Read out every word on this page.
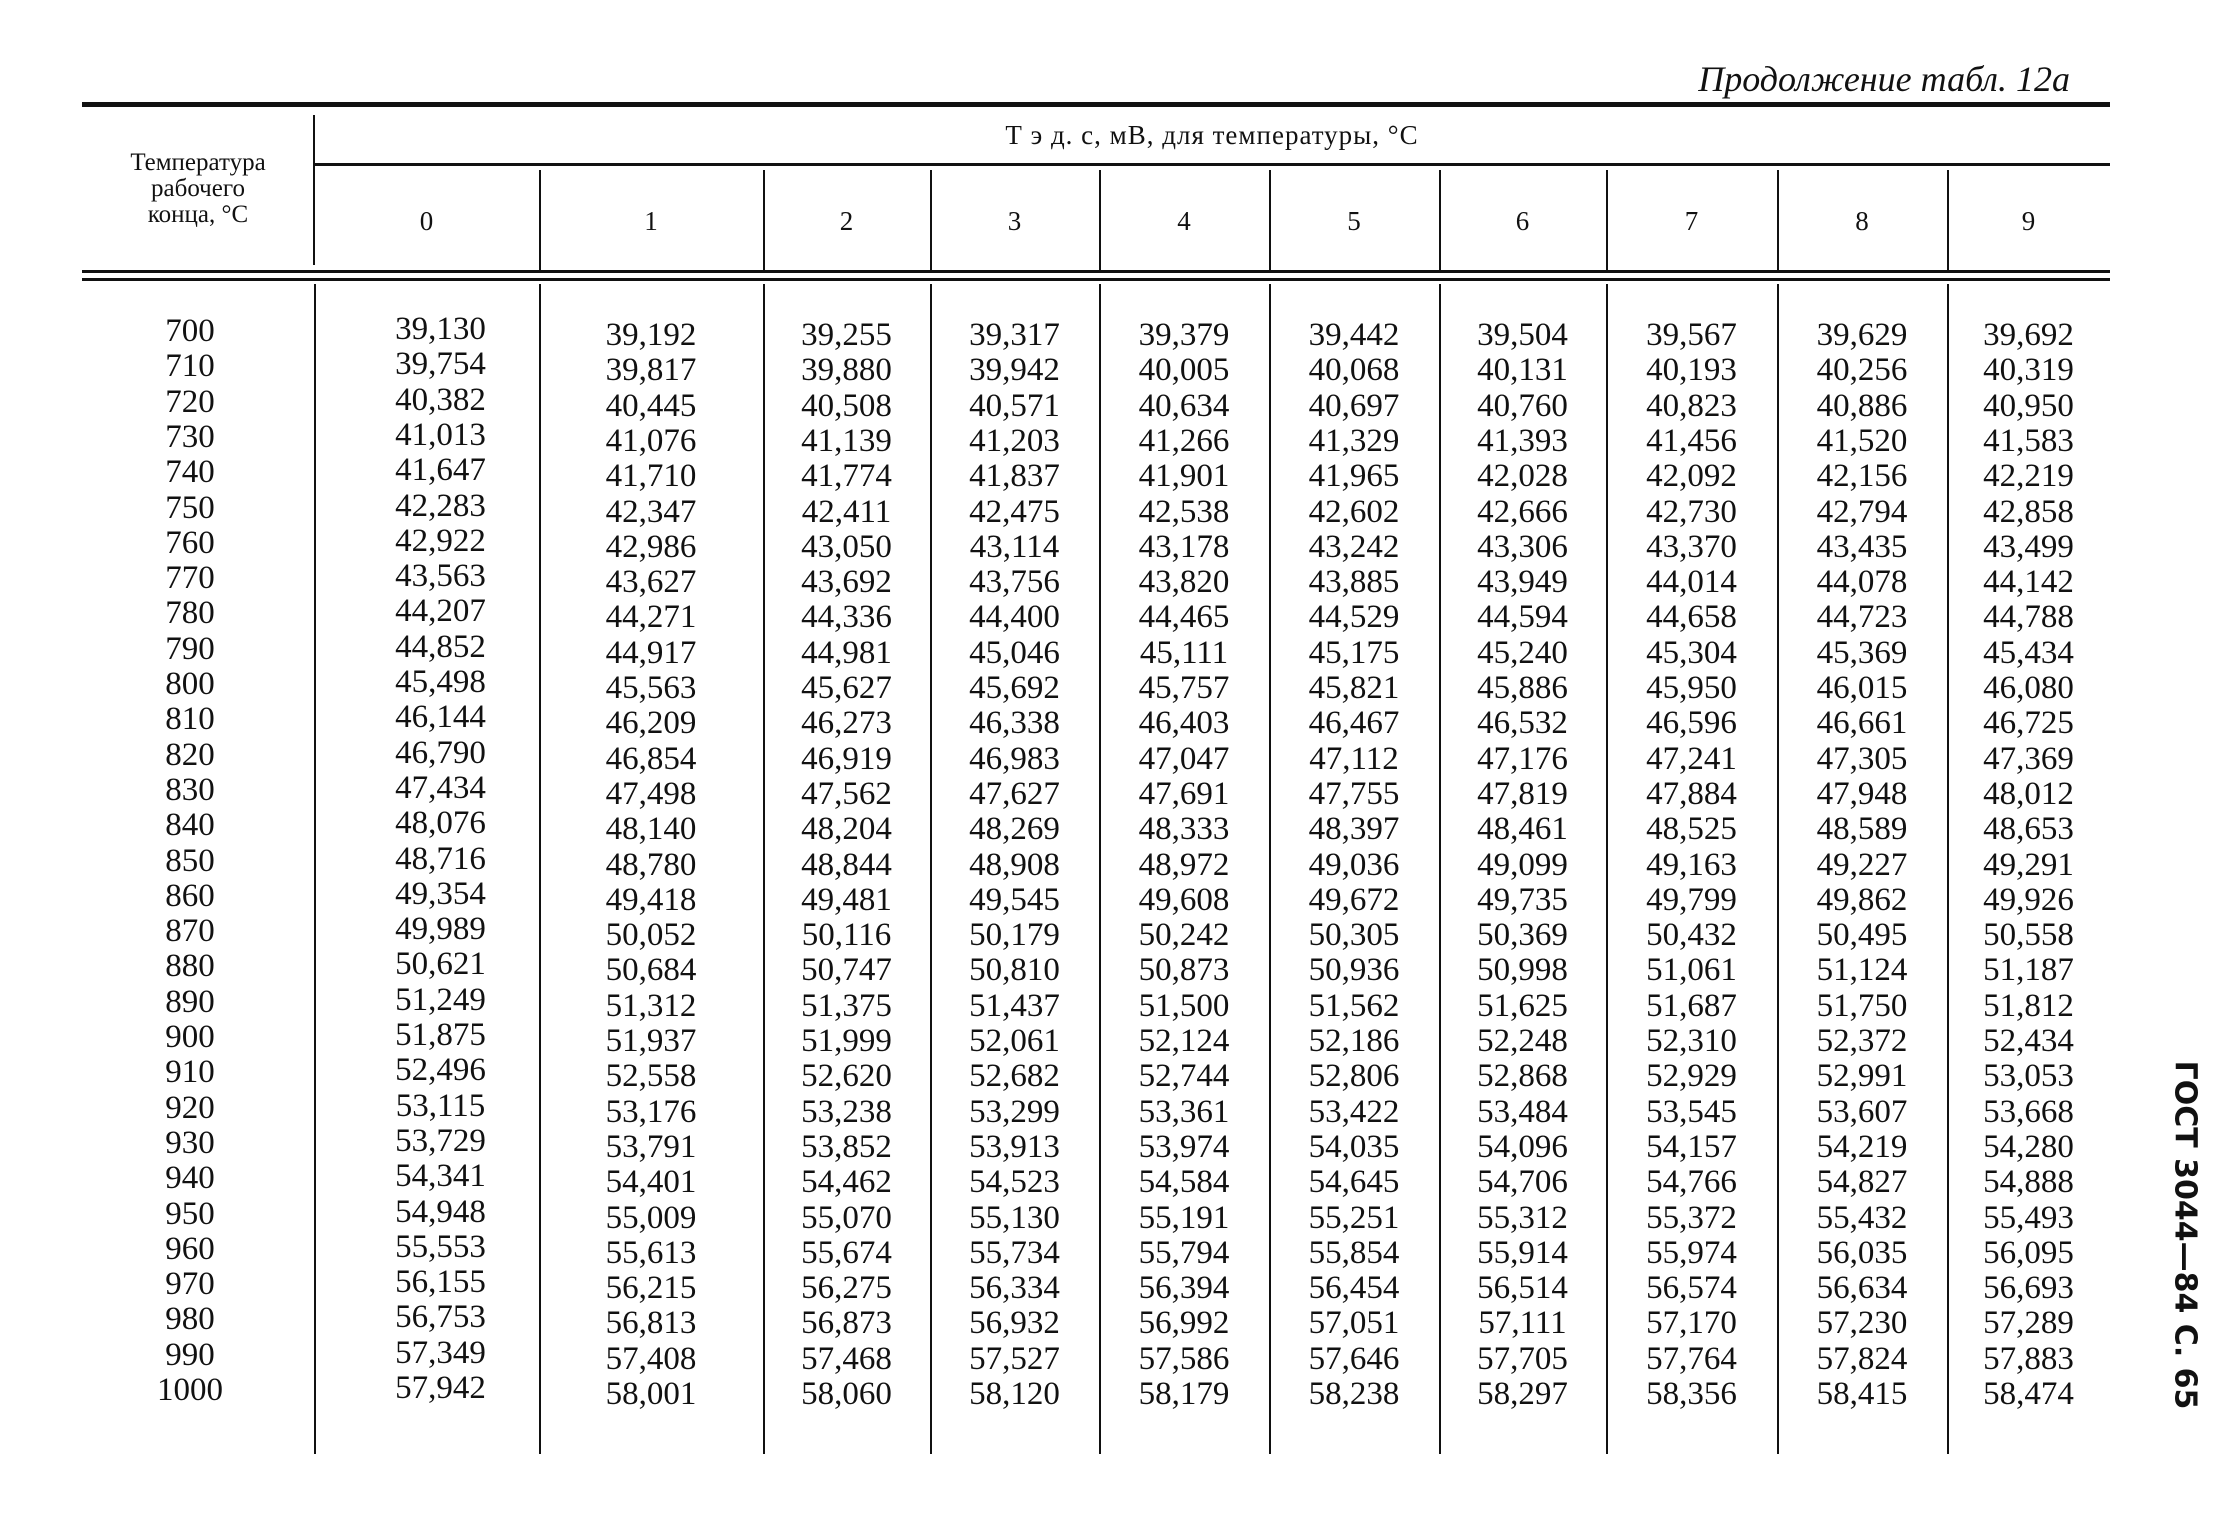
Продолжение табл. 12а
Т э д. с, мВ, для температуры, °С
Температура
рабочего
конца, °С	0	1	2	3	4	5	6	7	8	9
700	39,130	39,192	39,255	39,317	39,379	39,442	39,504	39,567	39,629	39,692
710	39,754	39,817	39,880	39,942	40,005	40,068	40,131	40,193	40,256	40,319
720	40,382	40,445	40,508	40,571	40,634	40,697	40,760	40,823	40,886	40,950
730	41,013	41,076	41,139	41,203	41,266	41,329	41,393	41,456	41,520	41,583
740	41,647	41,710	41,774	41,837	41,901	41,965	42,028	42,092	42,156	42,219
750	42,283	42,347	42,411	42,475	42,538	42,602	42,666	42,730	42,794	42,858
760	42,922	42,986	43,050	43,114	43,178	43,242	43,306	43,370	43,435	43,499
770	43,563	43,627	43,692	43,756	43,820	43,885	43,949	44,014	44,078	44,142
780	44,207	44,271	44,336	44,400	44,465	44,529	44,594	44,658	44,723	44,788
790	44,852	44,917	44,981	45,046	45,111	45,175	45,240	45,304	45,369	45,434
800	45,498	45,563	45,627	45,692	45,757	45,821	45,886	45,950	46,015	46,080
810	46,144	46,209	46,273	46,338	46,403	46,467	46,532	46,596	46,661	46,725
820	46,790	46,854	46,919	46,983	47,047	47,112	47,176	47,241	47,305	47,369
830	47,434	47,498	47,562	47,627	47,691	47,755	47,819	47,884	47,948	48,012
840	48,076	48,140	48,204	48,269	48,333	48,397	48,461	48,525	48,589	48,653
850	48,716	48,780	48,844	48,908	48,972	49,036	49,099	49,163	49,227	49,291
860	49,354	49,418	49,481	49,545	49,608	49,672	49,735	49,799	49,862	49,926
870	49,989	50,052	50,116	50,179	50,242	50,305	50,369	50,432	50,495	50,558
880	50,621	50,684	50,747	50,810	50,873	50,936	50,998	51,061	51,124	51,187
890	51,249	51,312	51,375	51,437	51,500	51,562	51,625	51,687	51,750	51,812
900	51,875	51,937	51,999	52,061	52,124	52,186	52,248	52,310	52,372	52,434
910	52,496	52,558	52,620	52,682	52,744	52,806	52,868	52,929	52,991	53,053
920	53,115	53,176	53,238	53,299	53,361	53,422	53,484	53,545	53,607	53,668
930	53,729	53,791	53,852	53,913	53,974	54,035	54,096	54,157	54,219	54,280
940	54,341	54,401	54,462	54,523	54,584	54,645	54,706	54,766	54,827	54,888
950	54,948	55,009	55,070	55,130	55,191	55,251	55,312	55,372	55,432	55,493
960	55,553	55,613	55,674	55,734	55,794	55,854	55,914	55,974	56,035	56,095
970	56,155	56,215	56,275	56,334	56,394	56,454	56,514	56,574	56,634	56,693
980	56,753	56,813	56,873	56,932	56,992	57,051	57,111	57,170	57,230	57,289
990	57,349	57,408	57,468	57,527	57,586	57,646	57,705	57,764	57,824	57,883
1000	57,942	58,001	58,060	58,120	58,179	58,238	58,297	58,356	58,415	58,474	ГОСТ 3044—84 С. 65
